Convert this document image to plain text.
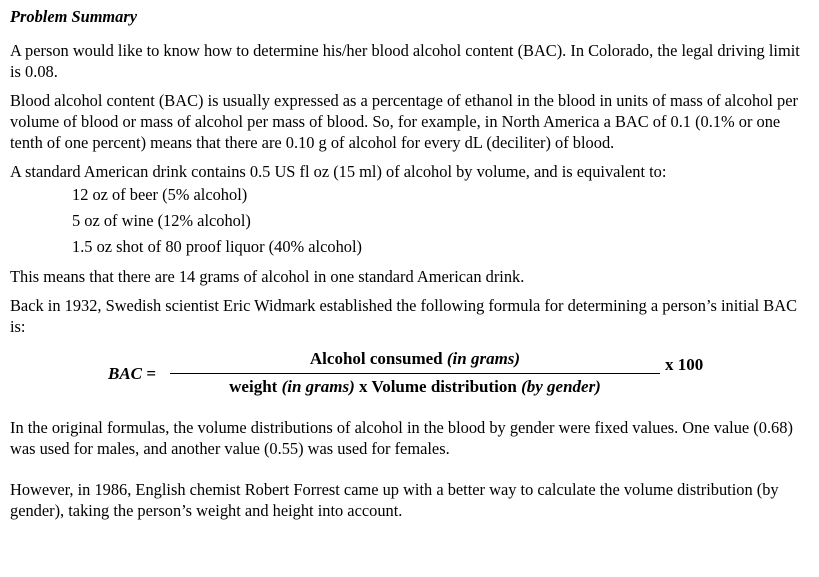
Problem Summary

A person would like to know how to determine his/her blood alcohol content (BAC). In Colorado, the legal driving limit is 0.08.

Blood alcohol content (BAC) is usually expressed as a percentage of ethanol in the blood in units of mass of alcohol per volume of blood or mass of alcohol per mass of blood. So, for example, in North America a BAC of 0.1 (0.1% or one tenth of one percent) means that there are 0.10 g of alcohol for every dL (deciliter) of blood.

A standard American drink contains 0.5 US fl oz (15 ml) of alcohol by volume, and is equivalent to:

12 oz of beer (5% alcohol)
5 oz of wine (12% alcohol)
1.5 oz shot of 80 proof liquor (40% alcohol)

This means that there are 14 grams of alcohol in one standard American drink.

Back in 1932, Swedish scientist Eric Widmark established the following formula for determining a person’s initial BAC is:

BAC =
Alcohol consumed (in grams)
weight (in grams) x Volume distribution (by gender)
x 100

In the original formulas, the volume distributions of alcohol in the blood by gender were fixed values. One value (0.68) was used for males, and another value (0.55) was used for females.

However, in 1986, English chemist Robert Forrest came up with a better way to calculate the volume distribution (by gender), taking the person’s weight and height into account.
